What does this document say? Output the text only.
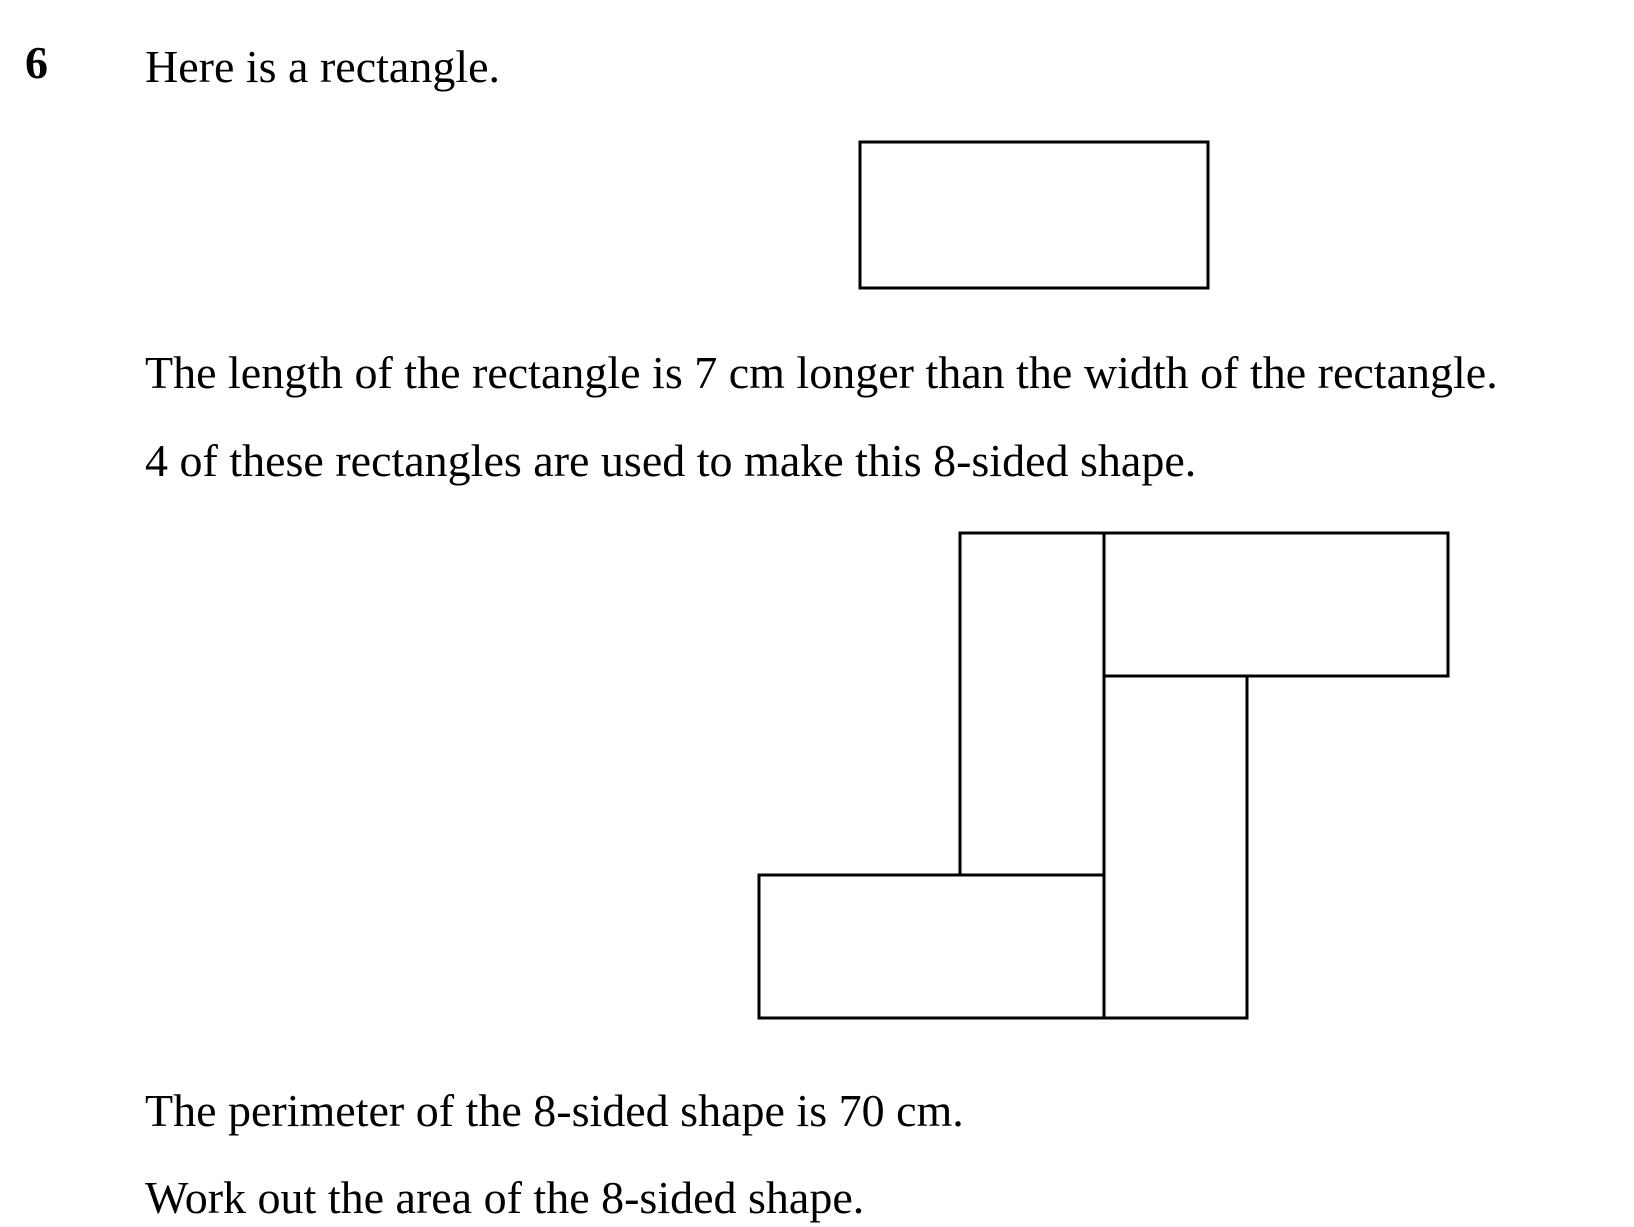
6 Here is a rectangle.
The length of the rectangle is 7 cm longer than the width of the rectangle.
4 of these rectangles are used to make this 8-sided shape.
The perimeter of the 8-sided shape is 70 cm.
Work out the area of the 8-sided shape.
